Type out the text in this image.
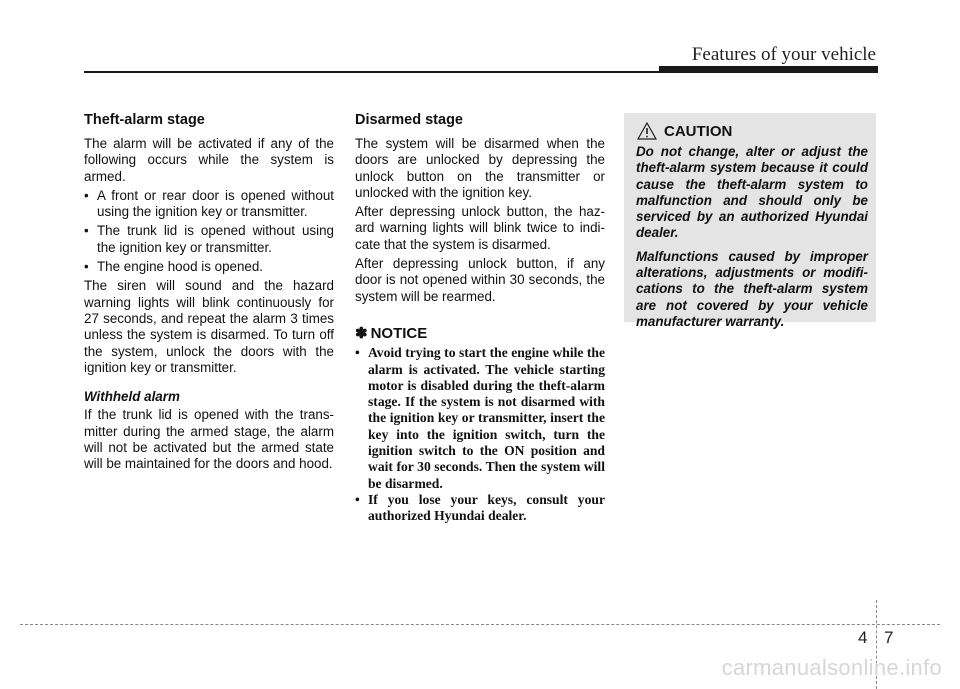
Features of your vehicle
Theft-alarm stage

The alarm will be activated if any of the following occurs while the system is armed.

• A front or rear door is opened without using the ignition key or transmitter.
• The trunk lid is opened without using the ignition key or transmitter.
• The engine hood is opened.

The siren will sound and the hazard warning lights will blink continuously for 27 seconds, and repeat the alarm 3 times unless the system is disarmed. To turn off the system, unlock the doors with the ignition key or transmitter.

Withheld alarm

If the trunk lid is opened with the trans-mitter during the armed stage, the alarm will not be activated but the armed state will be maintained for the doors and hood.

Disarmed stage

The system will be disarmed when the doors are unlocked by depressing the unlock button on the transmitter or unlocked with the ignition key.

After depressing unlock button, the haz-ard warning lights will blink twice to indi-cate that the system is disarmed.

After depressing unlock button, if any door is not opened within 30 seconds, the system will be rearmed.

✽ NOTICE
• Avoid trying to start the engine while the alarm is activated. The vehicle starting motor is disabled during the theft-alarm stage. If the system is not disarmed with the ignition key or transmitter, insert the key into the ignition switch, turn the ignition switch to the ON position and wait for 30 seconds. Then the system will be disarmed.
• If you lose your keys, consult your authorized Hyundai dealer.
CAUTION

Do not change, alter or adjust the theft-alarm system because it could cause the theft-alarm system to malfunction and should only be serviced by an authorized Hyundai dealer.

Malfunctions caused by improper alterations, adjustments or modifi-cations to the theft-alarm system are not covered by your vehicle manufacturer warranty.

4 7
carmanualsonline.info
